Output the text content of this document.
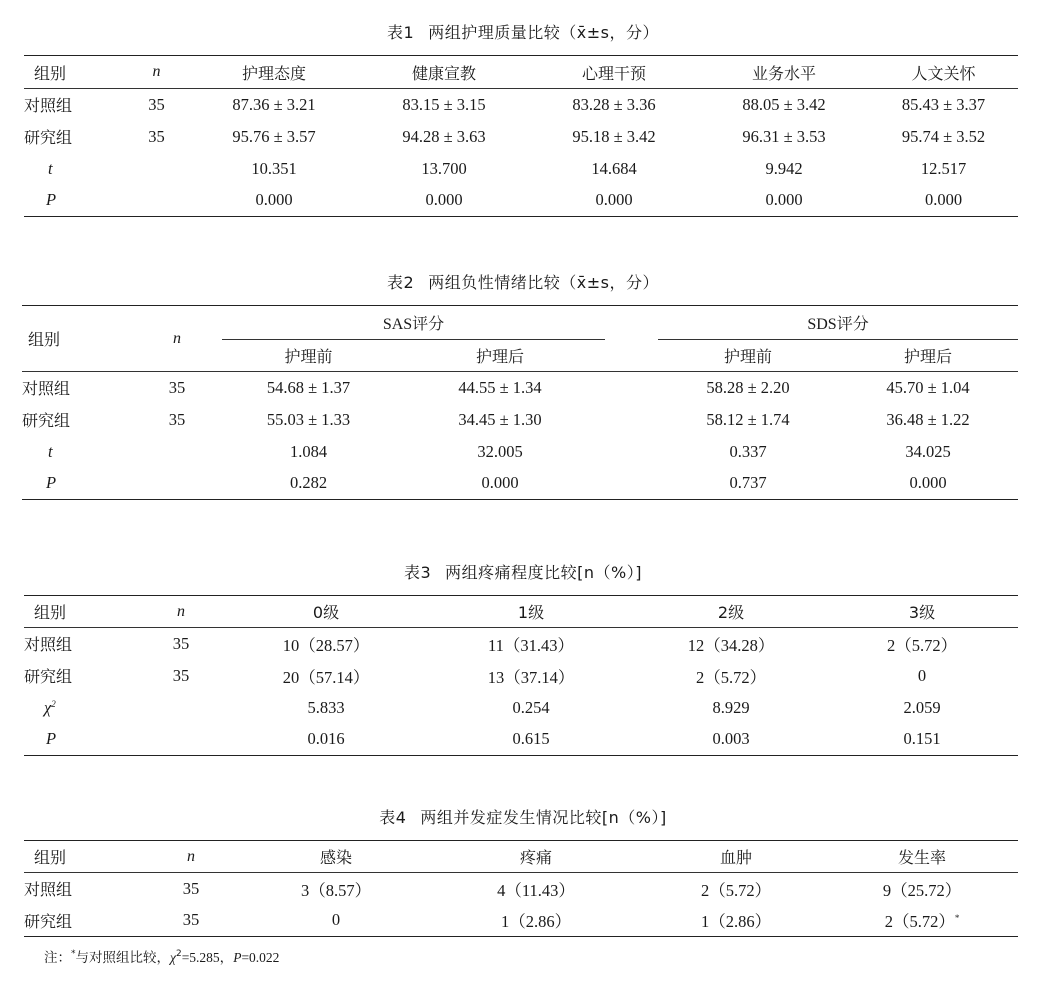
表1 两组护理质量比较（x̄±s，分）
组别	n	护理态度	健康宣教	心理干预	业务水平	人文关怀
对照组	35	87.36 ± 3.21	83.15 ± 3.15	83.28 ± 3.36	88.05 ± 3.42	85.43 ± 3.37
研究组	35	95.76 ± 3.57	94.28 ± 3.63	95.18 ± 3.42	96.31 ± 3.53	95.74 ± 3.52
t		10.351	13.700	14.684	9.942	12.517
P		0.000	0.000	0.000	0.000	0.000
表2 两组负性情绪比较（x̄±s，分）
组别	n	SAS评分			SDS评分	
		护理前	护理后		护理前	护理后
对照组	35	54.68 ± 1.37	44.55 ± 1.34		58.28 ± 2.20	45.70 ± 1.04
研究组	35	55.03 ± 1.33	34.45 ± 1.30		58.12 ± 1.74	36.48 ± 1.22
t		1.084	32.005		0.337	34.025
P		0.282	0.000		0.737	0.000
表3 两组疼痛程度比较[n（%）]
组别	n	0级	1级	2级	3级
对照组	35	10（28.57）	11（31.43）	12（34.28）	2（5.72）
研究组	35	20（57.14）	13（37.14）	2（5.72）	0
$\chi^2$		5.833	0.254	8.929	2.059
P		0.016	0.615	0.003	0.151
表4 两组并发症发生情况比较[n（%）]
组别	n	感染	疼痛	血肿	发生率
对照组	35	3（8.57）	4（11.43）	2（5.72）	9（25.72）
研究组	35	0	1（2.86）	1（2.86）	2（5.72）*
注：*与对照组比较，$\chi^2=5.285$，P=0.022
